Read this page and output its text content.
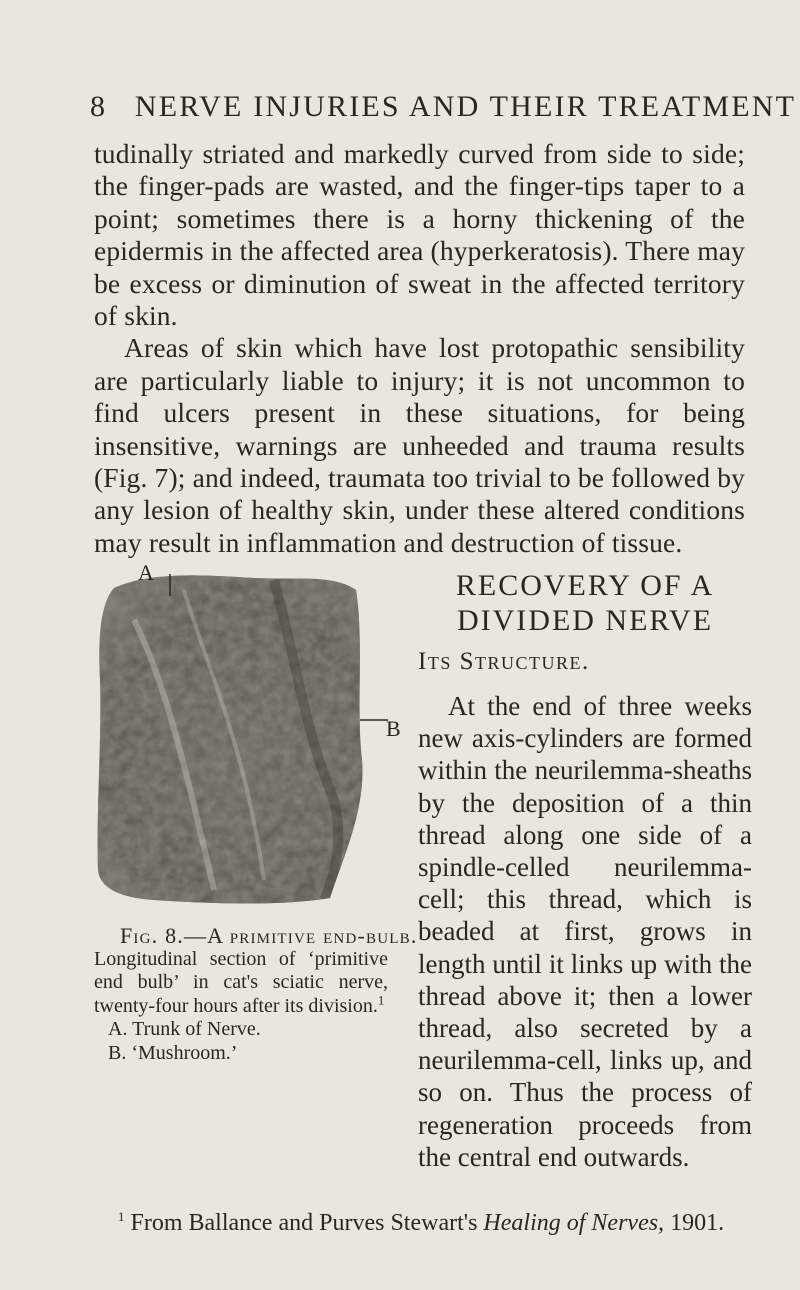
8 NERVE INJURIES AND THEIR TREATMENT

tudinally striated and markedly curved from side to side; the finger-pads are wasted, and the finger-tips taper to a point; sometimes there is a horny thickening of the epidermis in the affected area (hyperkeratosis). There may be excess or diminution of sweat in the affected territory of skin.

Areas of skin which have lost protopathic sensibility are particularly liable to injury; it is not uncommon to find ulcers present in these situations, for being insensitive, warnings are unheeded and trauma results (Fig. 7); and indeed, traumata too trivial to be followed by any lesion of healthy skin, under these altered conditions may result in inflammation and destruction of tissue.

A
B
Fig. 8.—A primitive end-bulb.
Longitudinal section of ‘primitive end bulb’ in cat's sciatic nerve, twenty-four hours after its division.$^1$
A. Trunk of Nerve.
B. ‘Mushroom.’
RECOVERY OF A
DIVIDED NERVE
Its Structure.

At the end of three weeks new axis-cylinders are formed within the neurilemma-sheaths by the deposition of a thin thread along one side of a spindle-celled neurilemma-cell; this thread, which is beaded at first, grows in length until it links up with the thread above it; then a lower thread, also secreted by a neurilemma-cell, links up, and so on. Thus the process of regeneration proceeds from the central end outwards.

$^1$ From Ballance and Purves Stewart's Healing of Nerves, 1901.
